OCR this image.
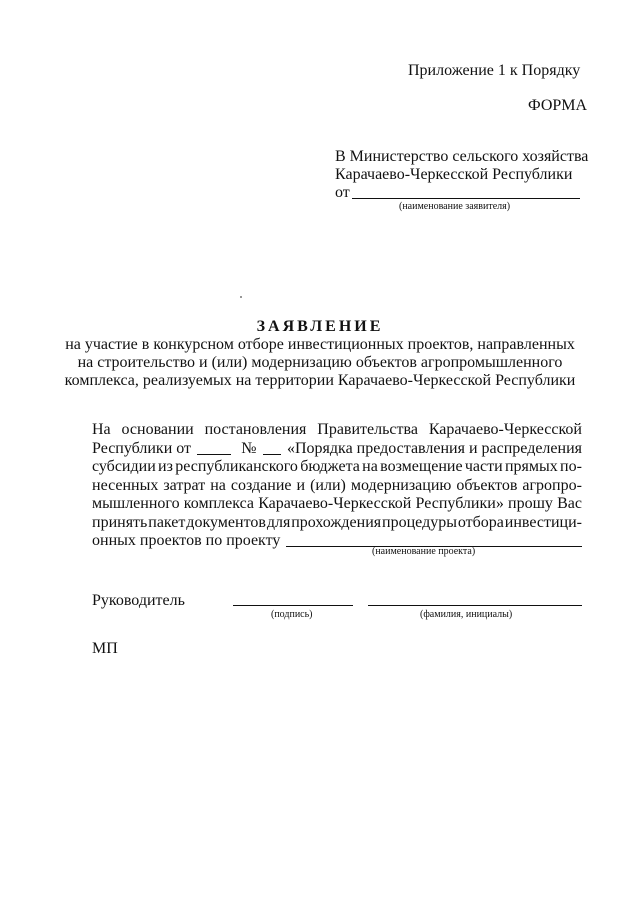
Приложение 1 к Порядку
ФОРМА
В Министерство сельского хозяйства
Карачаево-Черкесской Республики
от
(наименование заявителя)
ЗАЯВЛЕНИЕ
на участие в конкурсном отборе инвестиционных проектов, направленных
на строительство и (или) модернизацию объектов агропромышленного
комплекса, реализуемых на территории Карачаево-Черкесской Республики
На основании постановления Правительства Карачаево-Черкесской
Республики от	№ «Порядка предоставления и распределения
субсидии из республиканского бюджета на возмещение части прямых по-
несенных затрат на создание и (или) модернизацию объектов агропро-
мышленного комплекса Карачаево-Черкесской Республики» прошу Вас
принять пакет документов для прохождения процедуры отбора инвестици-
онных проектов по проекту
(наименование проекта)
Руководитель
(подпись)	(фамилия, инициалы)
МП
